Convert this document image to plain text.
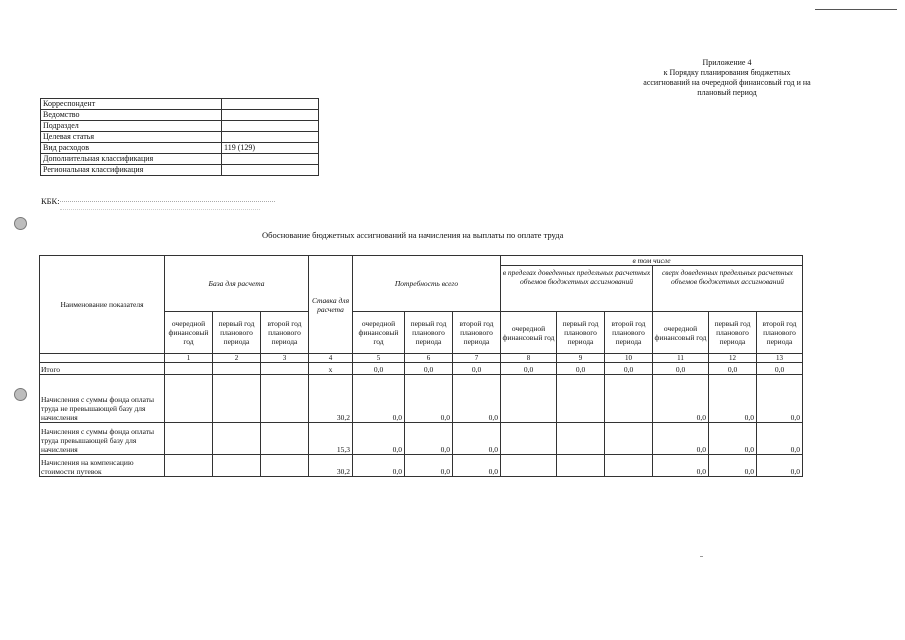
Приложение 4
к Порядку планирования бюджетных
ассигнований на очередной финансовый год и на
плановый период
Корреспондент	
Ведомство	
Подраздел	
Целевая статья	
Вид расходов	119 (129)
Дополнительная классификация	
Региональная классификация	
КБК:
Обоснование бюджетных ассигнований на начисления на выплаты по оплате труда
Наименование показателя	База для расчета			Ставка для расчета	Потребность всего			в том числе					
								в пределах доведенных предельных расчетных объемов бюджетных ассигнований			сверх доведенных предельных расчетных объемов бюджетных ассигнований		
	очередной финансовый год	первый год планового периода	второй год планового периода		очередной финансовый год	первый год планового периода	второй год планового периода	очередной финансовый год	первый год планового периода	второй год планового периода	очередной финансовый год	первый год планового периода	второй год планового периода
	1	2	3	4	5	6	7	8	9	10	11	12	13
Итого				х	0,0	0,0	0,0	0,0	0,0	0,0	0,0	0,0	0,0
Начисления с суммы фонда оплаты труда не превышающей базу для начисления				30,2	0,0	0,0	0,0				0,0	0,0	0,0
Начисления с суммы фонда оплаты труда превышающей базу для начисления				15,3	0,0	0,0	0,0				0,0	0,0	0,0
Начисления на компенсацию стоимости путевок				30,2	0,0	0,0	0,0				0,0	0,0	0,0
